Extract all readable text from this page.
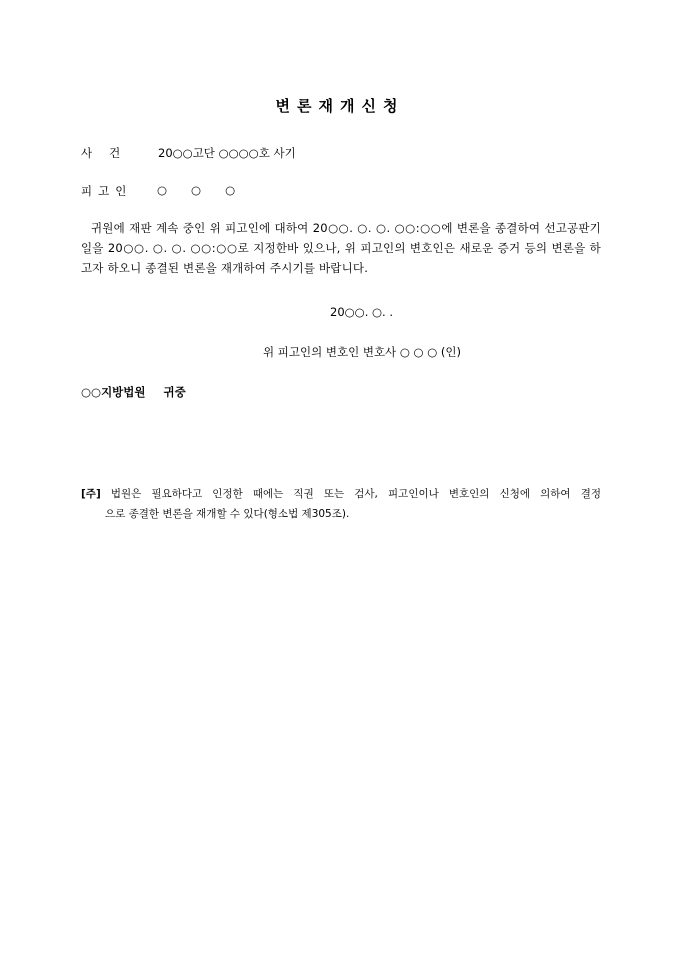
변론재개신청
사건 20○○고단 ○○○○호 사기
피고인 ○○○
귀원에 재판 계속 중인 위 피고인에 대하여 20○○. ○. ○. ○○:○○에 변론을 종결하여 선고공판기일을 20○○. ○. ○. ○○:○○로 지정한바 있으나, 위 피고인의 변호인은 새로운 증거 등의 변론을 하고자 하오니 종결된 변론을 재개하여 주시기를 바랍니다.
20○○. ○. .
위 피고인의 변호인 변호사 ○ ○ ○ (인)
○○지방법원 귀중
[주] 법원은 필요하다고 인정한 때에는 직권 또는 검사, 피고인이나 변호인의 신청에 의하여 결정
으로 종결한 변론을 재개할 수 있다(형소법 제305조).
